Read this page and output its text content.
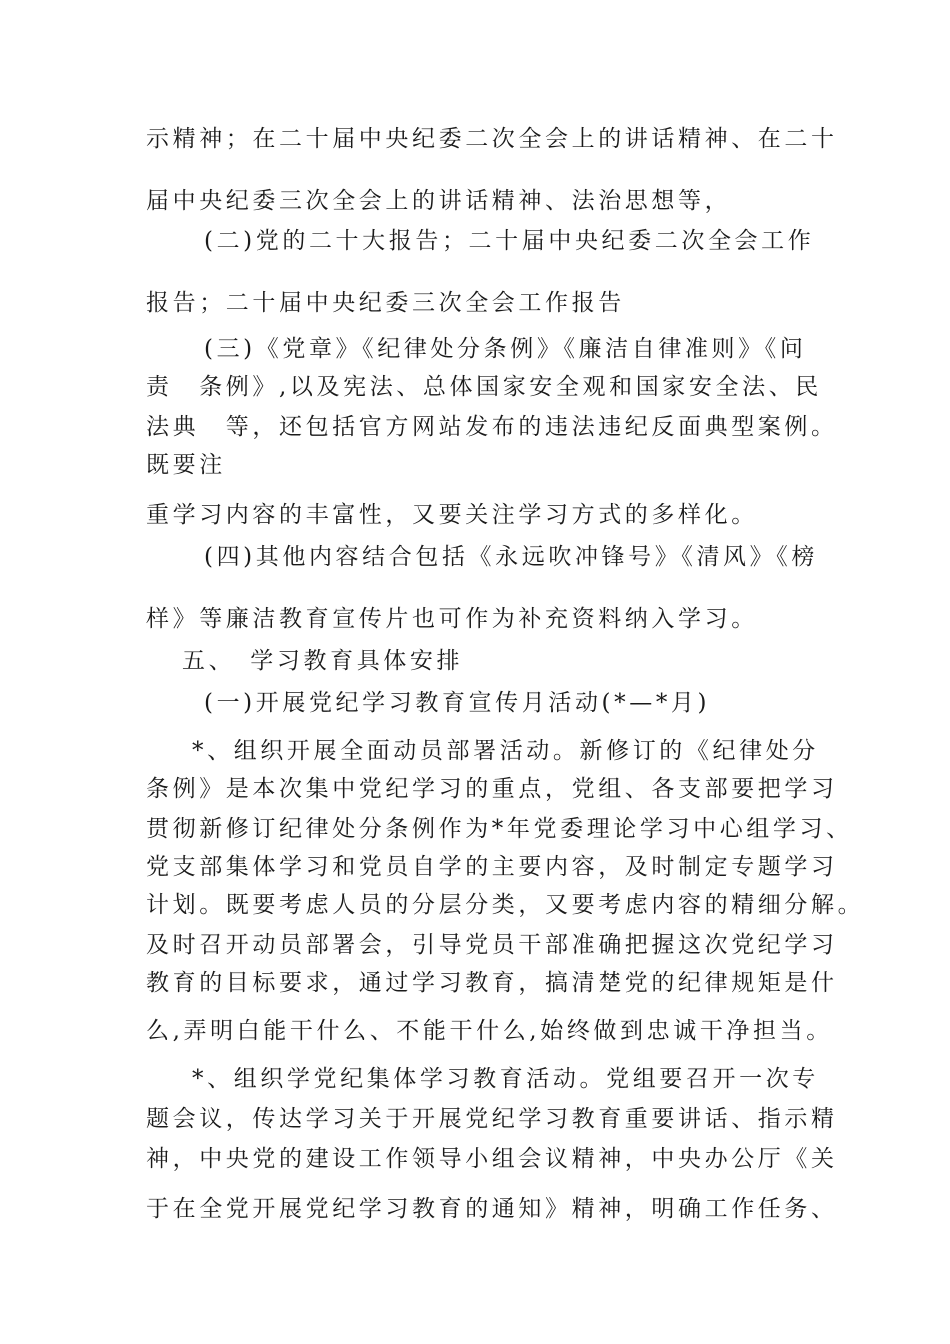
示精神；在二十届中央纪委二次全会上的讲话精神、在二十

届中央纪委三次全会上的讲话精神、法治思想等，

(二)党的二十大报告；二十届中央纪委二次全会工作

报告；二十届中央纪委三次全会工作报告

(三)《党章》《纪律处分条例》《廉洁自律准则》《问

责　条例》,以及宪法、总体国家安全观和国家安全法、民

法典　等，还包括官方网站发布的违法违纪反面典型案例。

既要注

重学习内容的丰富性，又要关注学习方式的多样化。

(四)其他内容结合包括《永远吹冲锋号》《清风》《榜

样》等廉洁教育宣传片也可作为补充资料纳入学习。

五、　学习教育具体安排

(一)开展党纪学习教育宣传月活动(*—*月)

*、组织开展全面动员部署活动。新修订的《纪律处分

条例》是本次集中党纪学习的重点，党组、各支部要把学习

贯彻新修订纪律处分条例作为*年党委理论学习中心组学习、

党支部集体学习和党员自学的主要内容，及时制定专题学习

计划。既要考虑人员的分层分类，又要考虑内容的精细分解。

及时召开动员部署会，引导党员干部准确把握这次党纪学习

教育的目标要求，通过学习教育，搞清楚党的纪律规矩是什

么,弄明白能干什么、不能干什么,始终做到忠诚干净担当。

*、组织学党纪集体学习教育活动。党组要召开一次专

题会议，传达学习关于开展党纪学习教育重要讲话、指示精

神，中央党的建设工作领导小组会议精神，中央办公厅《关

于在全党开展党纪学习教育的通知》精神，明确工作任务、
